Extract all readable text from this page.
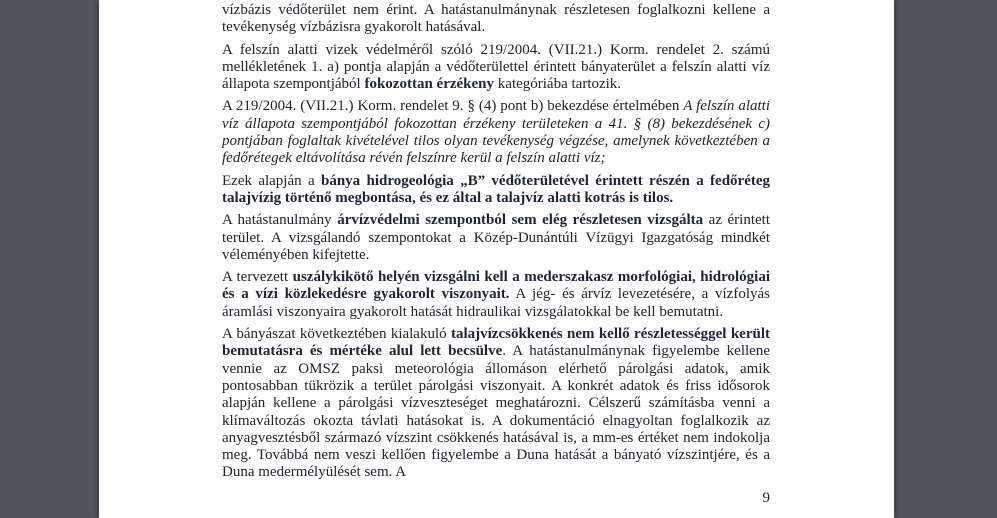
vízbázis védőterület nem érint. A hatástanulmánynak részletesen foglalkozni kellene a tevékenység vízbázisra gyakorolt hatásával.

A felszín alatti vizek védelméről szóló 219/2004. (VII.21.) Korm. rendelet 2. számú mellékletének 1. a) pontja alapján a védőterülettel érintett bányaterület a felszín alatti víz állapota szempontjából fokozottan érzékeny kategóriába tartozik.

A 219/2004. (VII.21.) Korm. rendelet 9. § (4) pont b) bekezdése értelmében A felszín alatti víz állapota szempontjából fokozottan érzékeny területeken a 41. § (8) bekezdésének c) pontjában foglaltak kivételével tilos olyan tevékenység végzése, amelynek következtében a fedőrétegek eltávolítása révén felszínre kerül a felszín alatti víz;

Ezek alapján a bánya hidrogeológia „B” védőterületével érintett részén a fedőréteg talajvízig történő megbontása, és ez által a talajvíz alatti kotrás is tilos.

A hatástanulmány árvízvédelmi szempontból sem elég részletesen vizsgálta az érintett terület. A vizsgálandó szempontokat a Közép-Dunántúli Vízügyi Igazgatóság mindkét véleményében kifejtette.

A tervezett uszálykikötő helyén vizsgálni kell a mederszakasz morfológiai, hidrológiai és a vízi közlekedésre gyakorolt viszonyait. A jég- és árvíz levezetésére, a vízfolyás áramlási viszonyaira gyakorolt hatását hidraulikai vizsgálatokkal be kell bemutatni.

A bányászat következtében kialakuló talajvízcsökkenés nem kellő részletességgel került bemutatásra és mértéke alul lett becsülve. A hatástanulmánynak figyelembe kellene vennie az OMSZ paksi meteorológia állomáson elérhető párolgási adatok, amik pontosabban tükrözik a terület párolgási viszonyait. A konkrét adatok és friss idősorok alapján kellene a párolgási vízveszteséget meghatározni. Célszerű számításba venni a klímaváltozás okozta távlati hatásokat is. A dokumentáció elnagyoltan foglalkozik az anyagvesztésből származó vízszint csökkenés hatásával is, a mm-es értéket nem indokolja meg. Továbbá nem veszi kellően figyelembe a Duna hatását a bányató vízszintjére, és a Duna medermélyülését sem. A

9
